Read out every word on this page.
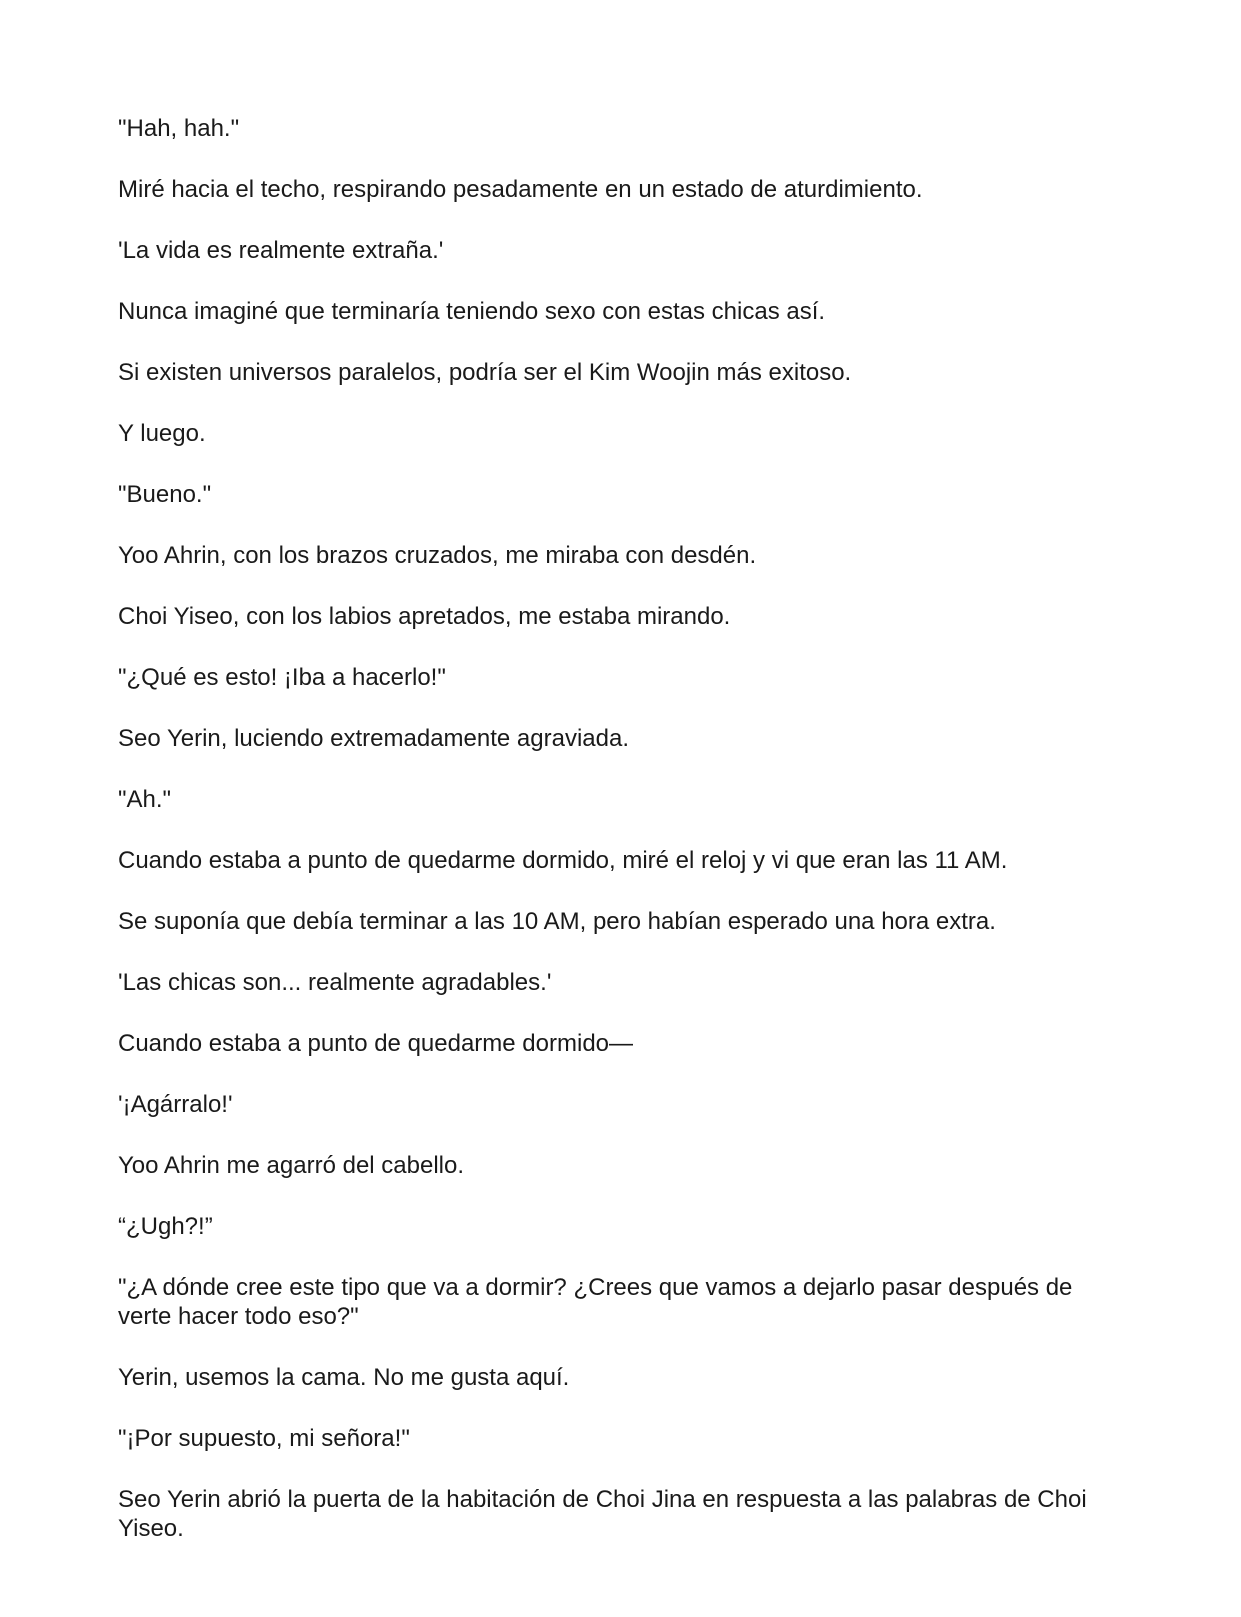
"Hah, hah."

Miré hacia el techo, respirando pesadamente en un estado de aturdimiento.

'La vida es realmente extraña.'

Nunca imaginé que terminaría teniendo sexo con estas chicas así.

Si existen universos paralelos, podría ser el Kim Woojin más exitoso.

Y luego.

"Bueno."

Yoo Ahrin, con los brazos cruzados, me miraba con desdén.

Choi Yiseo, con los labios apretados, me estaba mirando.

"¿Qué es esto! ¡Iba a hacerlo!"

Seo Yerin, luciendo extremadamente agraviada.

"Ah."

Cuando estaba a punto de quedarme dormido, miré el reloj y vi que eran las 11 AM.

Se suponía que debía terminar a las 10 AM, pero habían esperado una hora extra.

'Las chicas son... realmente agradables.'

Cuando estaba a punto de quedarme dormido—

'¡Agárralo!'

Yoo Ahrin me agarró del cabello.

“¿Ugh?!”

"¿A dónde cree este tipo que va a dormir? ¿Crees que vamos a dejarlo pasar después de verte hacer todo eso?"

Yerin, usemos la cama. No me gusta aquí.

"¡Por supuesto, mi señora!"

Seo Yerin abrió la puerta de la habitación de Choi Jina en respuesta a las palabras de Choi Yiseo.
